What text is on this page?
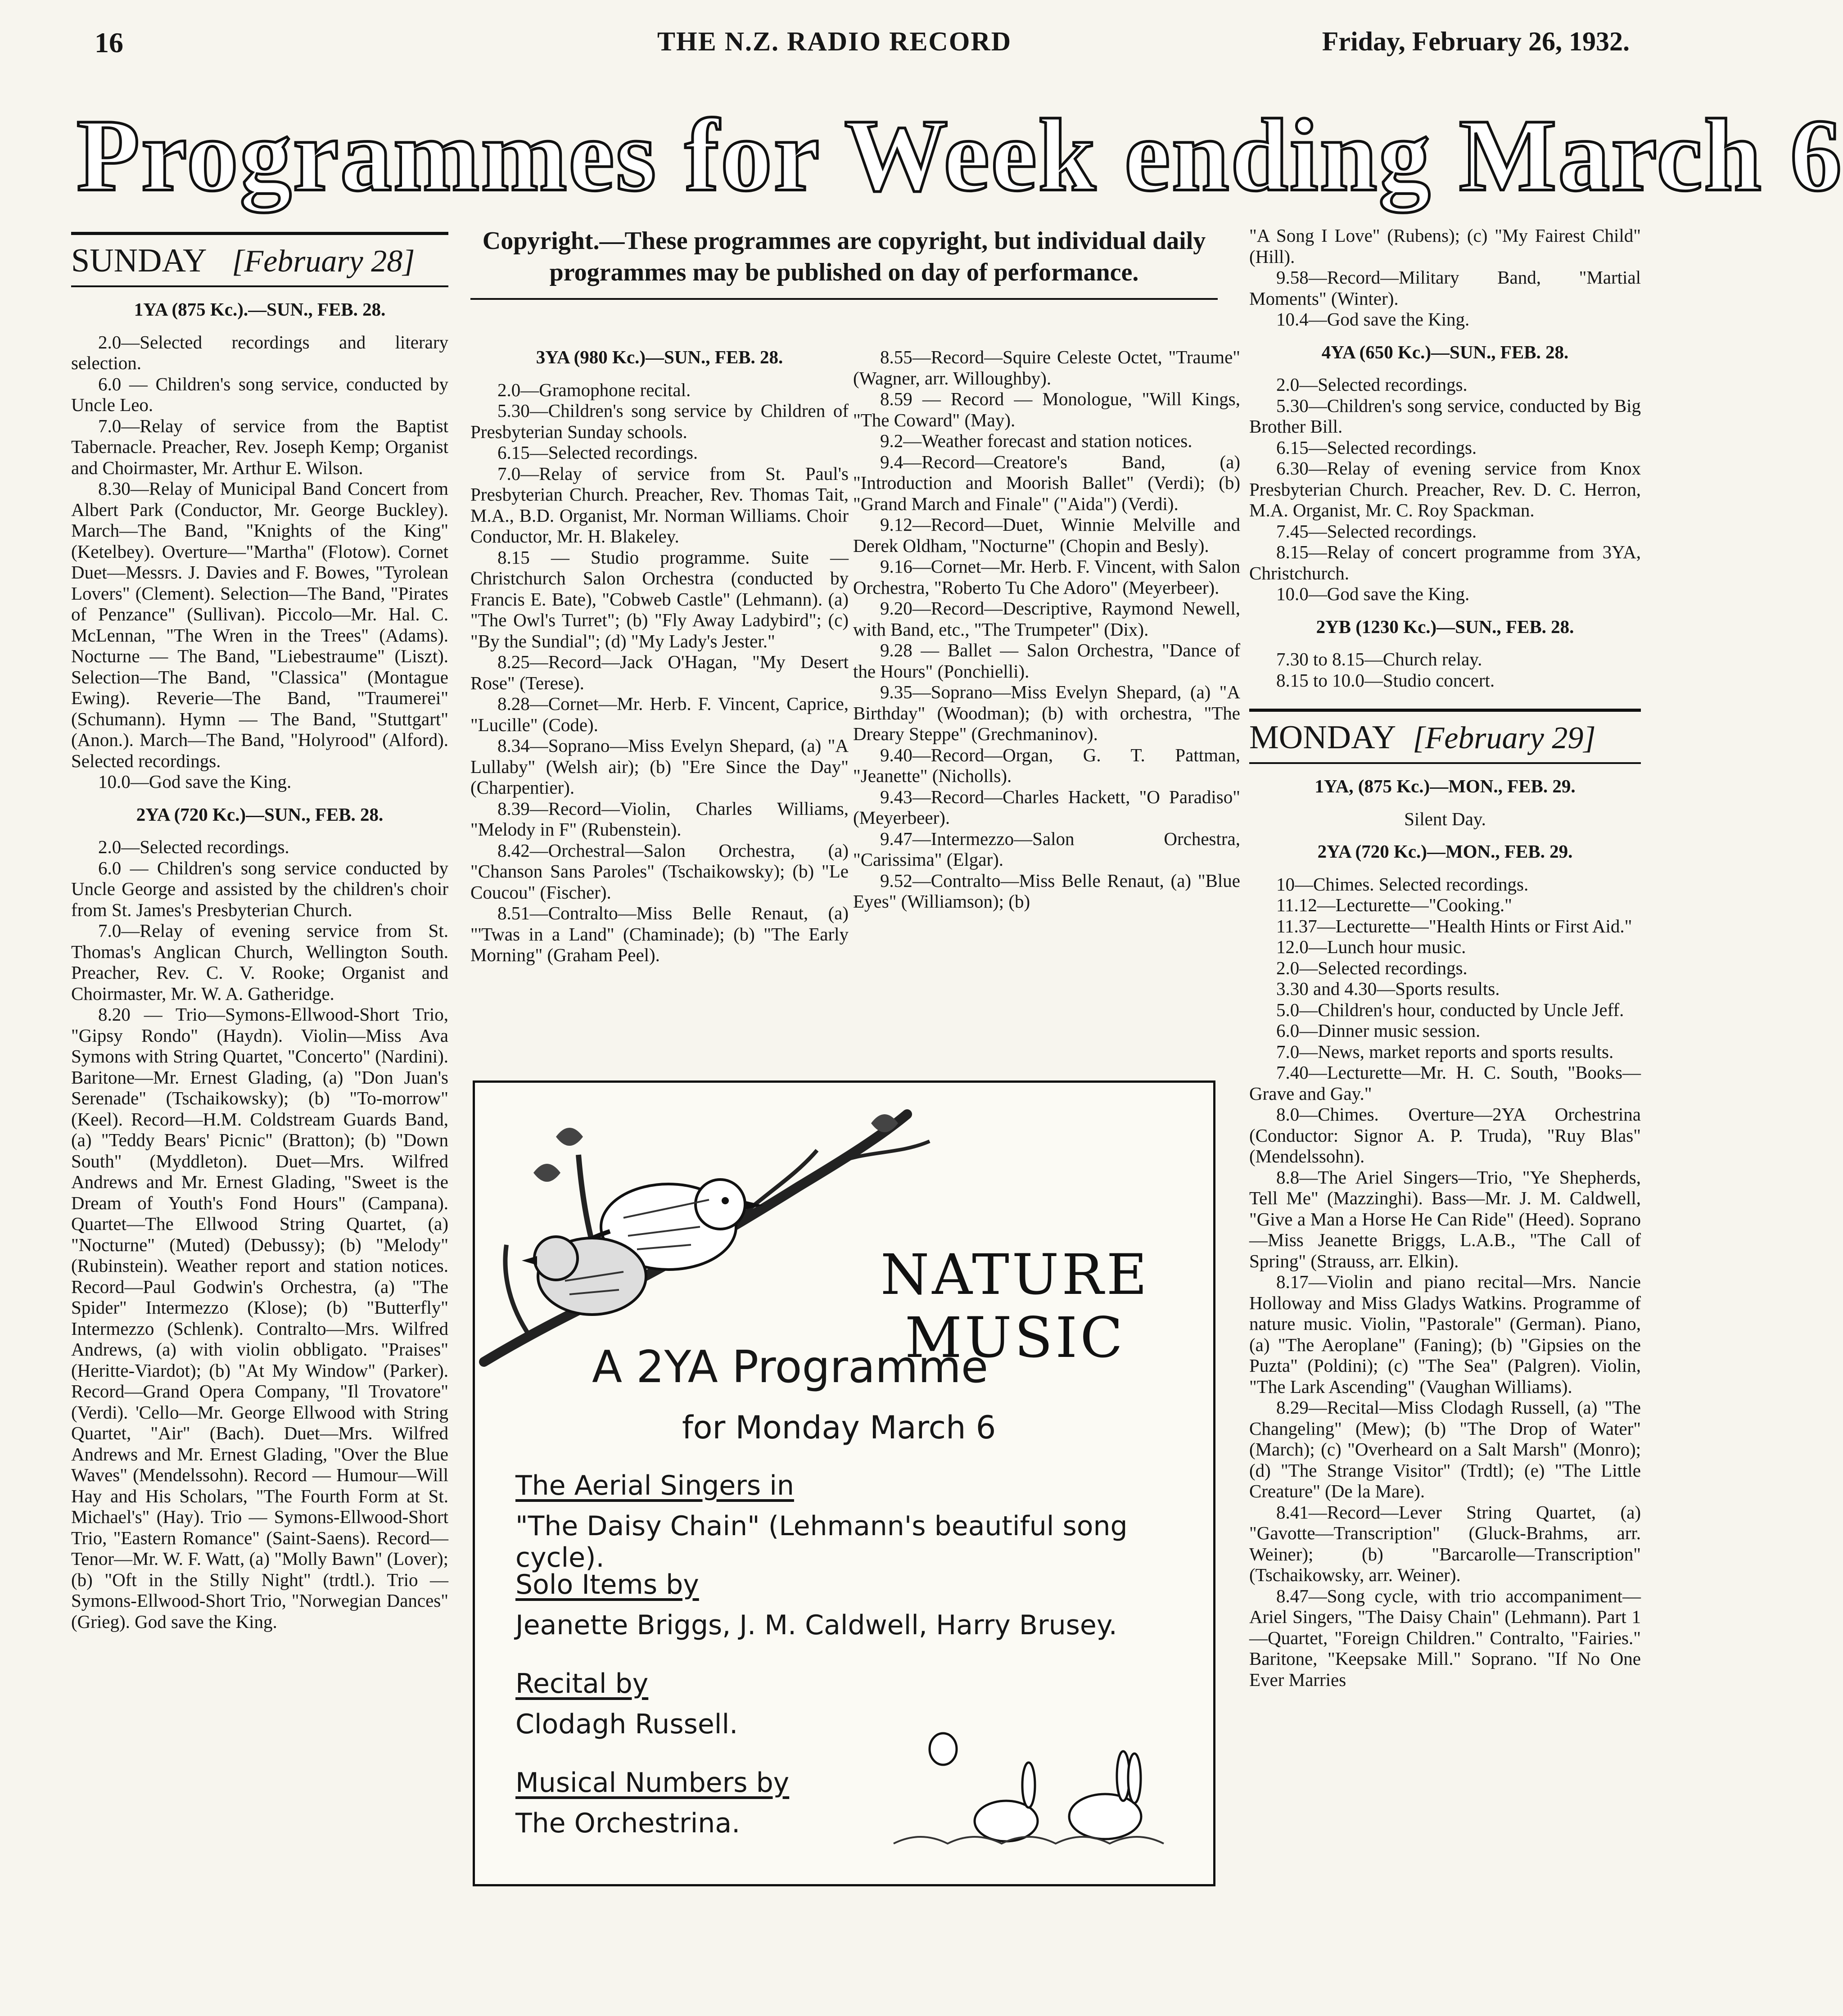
16	THE N.Z. RADIO RECORD	Friday, February 26, 1932.
Programmes for Week ending March 6
SUNDAY [February 28]

1YA (875 Kc.).—SUN., FEB. 28.

2.0—Selected recordings and literary selection.

6.0 — Children's song service, conducted by Uncle Leo.

7.0—Relay of service from the Baptist Tabernacle. Preacher, Rev. Joseph Kemp; Organist and Choirmaster, Mr. Arthur E. Wilson.

8.30—Relay of Municipal Band Concert from Albert Park (Conductor, Mr. George Buckley). March—The Band, "Knights of the King" (Ketelbey). Overture—"Martha" (Flotow). Cornet Duet—Messrs. J. Davies and F. Bowes, "Tyrolean Lovers" (Clement). Selection—The Band, "Pirates of Penzance" (Sullivan). Piccolo—Mr. Hal. C. McLennan, "The Wren in the Trees" (Adams). Nocturne — The Band, "Liebestraume" (Liszt). Selection—The Band, "Classica" (Montague Ewing). Reverie—The Band, "Traumerei" (Schumann). Hymn — The Band, "Stuttgart" (Anon.). March—The Band, "Holyrood" (Alford). Selected recordings.

10.0—God save the King.

2YA (720 Kc.)—SUN., FEB. 28.

2.0—Selected recordings.

6.0 — Children's song service conducted by Uncle George and assisted by the children's choir from St. James's Presbyterian Church.

7.0—Relay of evening service from St. Thomas's Anglican Church, Wellington South. Preacher, Rev. C. V. Rooke; Organist and Choirmaster, Mr. W. A. Gatheridge.

8.20 — Trio—Symons-Ellwood-Short Trio, "Gipsy Rondo" (Haydn). Violin—Miss Ava Symons with String Quartet, "Concerto" (Nardini). Baritone—Mr. Ernest Glading, (a) "Don Juan's Serenade" (Tschaikowsky); (b) "To-morrow" (Keel). Record—H.M. Coldstream Guards Band, (a) "Teddy Bears' Picnic" (Bratton); (b) "Down South" (Myddleton). Duet—Mrs. Wilfred Andrews and Mr. Ernest Glading, "Sweet is the Dream of Youth's Fond Hours" (Campana). Quartet—The Ellwood String Quartet, (a) "Nocturne" (Muted) (Debussy); (b) "Melody" (Rubinstein). Weather report and station notices. Record—Paul Godwin's Orchestra, (a) "The Spider" Intermezzo (Klose); (b) "Butterfly" Intermezzo (Schlenk). Contralto—Mrs. Wilfred Andrews, (a) with violin obbligato. "Praises" (Heritte-Viardot); (b) "At My Window" (Parker). Record—Grand Opera Company, "Il Trovatore" (Verdi). 'Cello—Mr. George Ellwood with String Quartet, "Air" (Bach). Duet—Mrs. Wilfred Andrews and Mr. Ernest Glading, "Over the Blue Waves" (Mendelssohn). Record — Humour—Will Hay and His Scholars, "The Fourth Form at St. Michael's" (Hay). Trio — Symons-Ellwood-Short Trio, "Eastern Romance" (Saint-Saens). Record—Tenor—Mr. W. F. Watt, (a) "Molly Bawn" (Lover); (b) "Oft in the Stilly Night" (trdtl.). Trio — Symons-Ellwood-Short Trio, "Norwegian Dances" (Grieg). God save the King.

Copyright.—These programmes are copyright, but individual daily programmes may be published on day of performance.

3YA (980 Kc.)—SUN., FEB. 28.

2.0—Gramophone recital.

5.30—Children's song service by Children of Presbyterian Sunday schools.

6.15—Selected recordings.

7.0—Relay of service from St. Paul's Presbyterian Church. Preacher, Rev. Thomas Tait, M.A., B.D. Organist, Mr. Norman Williams. Choir Conductor, Mr. H. Blakeley.

8.15 — Studio programme. Suite — Christchurch Salon Orchestra (conducted by Francis E. Bate), "Cobweb Castle" (Lehmann). (a) "The Owl's Turret"; (b) "Fly Away Ladybird"; (c) "By the Sundial"; (d) "My Lady's Jester."

8.25—Record—Jack O'Hagan, "My Desert Rose" (Terese).

8.28—Cornet—Mr. Herb. F. Vincent, Caprice, "Lucille" (Code).

8.34—Soprano—Miss Evelyn Shepard, (a) "A Lullaby" (Welsh air); (b) "Ere Since the Day" (Charpentier).

8.39—Record—Violin, Charles Williams, "Melody in F" (Rubenstein).

8.42—Orchestral—Salon Orchestra, (a) "Chanson Sans Paroles" (Tschaikowsky); (b) "Le Coucou" (Fischer).

8.51—Contralto—Miss Belle Renaut, (a) "'Twas in a Land" (Chaminade); (b) "The Early Morning" (Graham Peel).

8.55—Record—Squire Celeste Octet, "Traume" (Wagner, arr. Willoughby).

8.59 — Record — Monologue, "Will Kings, "The Coward" (May).

9.2—Weather forecast and station notices.

9.4—Record—Creatore's Band, (a) "Introduction and Moorish Ballet" (Verdi); (b) "Grand March and Finale" ("Aida") (Verdi).

9.12—Record—Duet, Winnie Melville and Derek Oldham, "Nocturne" (Chopin and Besly).

9.16—Cornet—Mr. Herb. F. Vincent, with Salon Orchestra, "Roberto Tu Che Adoro" (Meyerbeer).

9.20—Record—Descriptive, Raymond Newell, with Band, etc., "The Trumpeter" (Dix).

9.28 — Ballet — Salon Orchestra, "Dance of the Hours" (Ponchielli).

9.35—Soprano—Miss Evelyn Shepard, (a) "A Birthday" (Woodman); (b) with orchestra, "The Dreary Steppe" (Grechmaninov).

9.40—Record—Organ, G. T. Pattman, "Jeanette" (Nicholls).

9.43—Record—Charles Hackett, "O Paradiso" (Meyerbeer).

9.47—Intermezzo—Salon Orchestra, "Carissima" (Elgar).

9.52—Contralto—Miss Belle Renaut, (a) "Blue Eyes" (Williamson); (b)

"A Song I Love" (Rubens); (c) "My Fairest Child" (Hill).

9.58—Record—Military Band, "Martial Moments" (Winter).

10.4—God save the King.

4YA (650 Kc.)—SUN., FEB. 28.

2.0—Selected recordings.

5.30—Children's song service, conducted by Big Brother Bill.

6.15—Selected recordings.

6.30—Relay of evening service from Knox Presbyterian Church. Preacher, Rev. D. C. Herron, M.A. Organist, Mr. C. Roy Spackman.

7.45—Selected recordings.

8.15—Relay of concert programme from 3YA, Christchurch.

10.0—God save the King.

2YB (1230 Kc.)—SUN., FEB. 28.

7.30 to 8.15—Church relay.

8.15 to 10.0—Studio concert.

MONDAY [February 29]

1YA, (875 Kc.)—MON., FEB. 29.

Silent Day.

2YA (720 Kc.)—MON., FEB. 29.

10—Chimes. Selected recordings.

11.12—Lecturette—"Cooking."

11.37—Lecturette—"Health Hints or First Aid."

12.0—Lunch hour music.

2.0—Selected recordings.

3.30 and 4.30—Sports results.

5.0—Children's hour, conducted by Uncle Jeff.

6.0—Dinner music session.

7.0—News, market reports and sports results.

7.40—Lecturette—Mr. H. C. South, "Books—Grave and Gay."

8.0—Chimes. Overture—2YA Orchestrina (Conductor: Signor A. P. Truda), "Ruy Blas" (Mendelssohn).

8.8—The Ariel Singers—Trio, "Ye Shepherds, Tell Me" (Mazzinghi). Bass—Mr. J. M. Caldwell, "Give a Man a Horse He Can Ride" (Heed). Soprano—Miss Jeanette Briggs, L.A.B., "The Call of Spring" (Strauss, arr. Elkin).

8.17—Violin and piano recital—Mrs. Nancie Holloway and Miss Gladys Watkins. Programme of nature music. Violin, "Pastorale" (German). Piano, (a) "The Aeroplane" (Faning); (b) "Gipsies on the Puzta" (Poldini); (c) "The Sea" (Palgren). Violin, "The Lark Ascending" (Vaughan Williams).

8.29—Recital—Miss Clodagh Russell, (a) "The Changeling" (Mew); (b) "The Drop of Water" (March); (c) "Overheard on a Salt Marsh" (Monro); (d) "The Strange Visitor" (Trdtl); (e) "The Little Creature" (De la Mare).

8.41—Record—Lever String Quartet, (a) "Gavotte—Transcription" (Gluck-Brahms, arr. Weiner); (b) "Barcarolle—Transcription" (Tschaikowsky, arr. Weiner).

8.47—Song cycle, with trio accompaniment—Ariel Singers, "The Daisy Chain" (Lehmann). Part 1—Quartet, "Foreign Children." Contralto, "Fairies." Baritone, "Keepsake Mill." Soprano. "If No One Ever Marries

NATURE
MUSIC
A 2YA Programme
for Monday March 6
The Aerial Singers in
"The Daisy Chain" (Lehmann's beautiful song cycle).
Solo Items by
Jeanette Briggs, J. M. Caldwell, Harry Brusey.
Recital by
Clodagh Russell.
Musical Numbers by
The Orchestrina.
